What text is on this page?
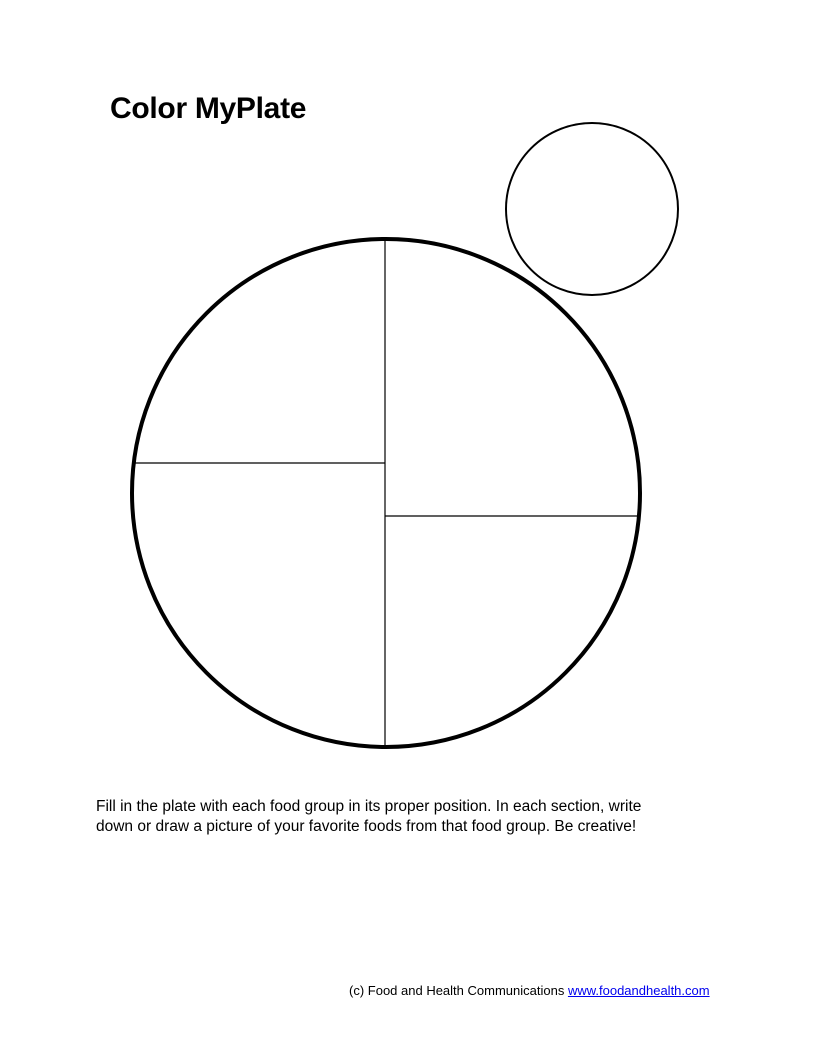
Color MyPlate
Fill in the plate with each food group in its proper position. In each section, write
down or draw a picture of your favorite foods from that food group. Be creative!
(c) Food and Health Communications www.foodandhealth.com
